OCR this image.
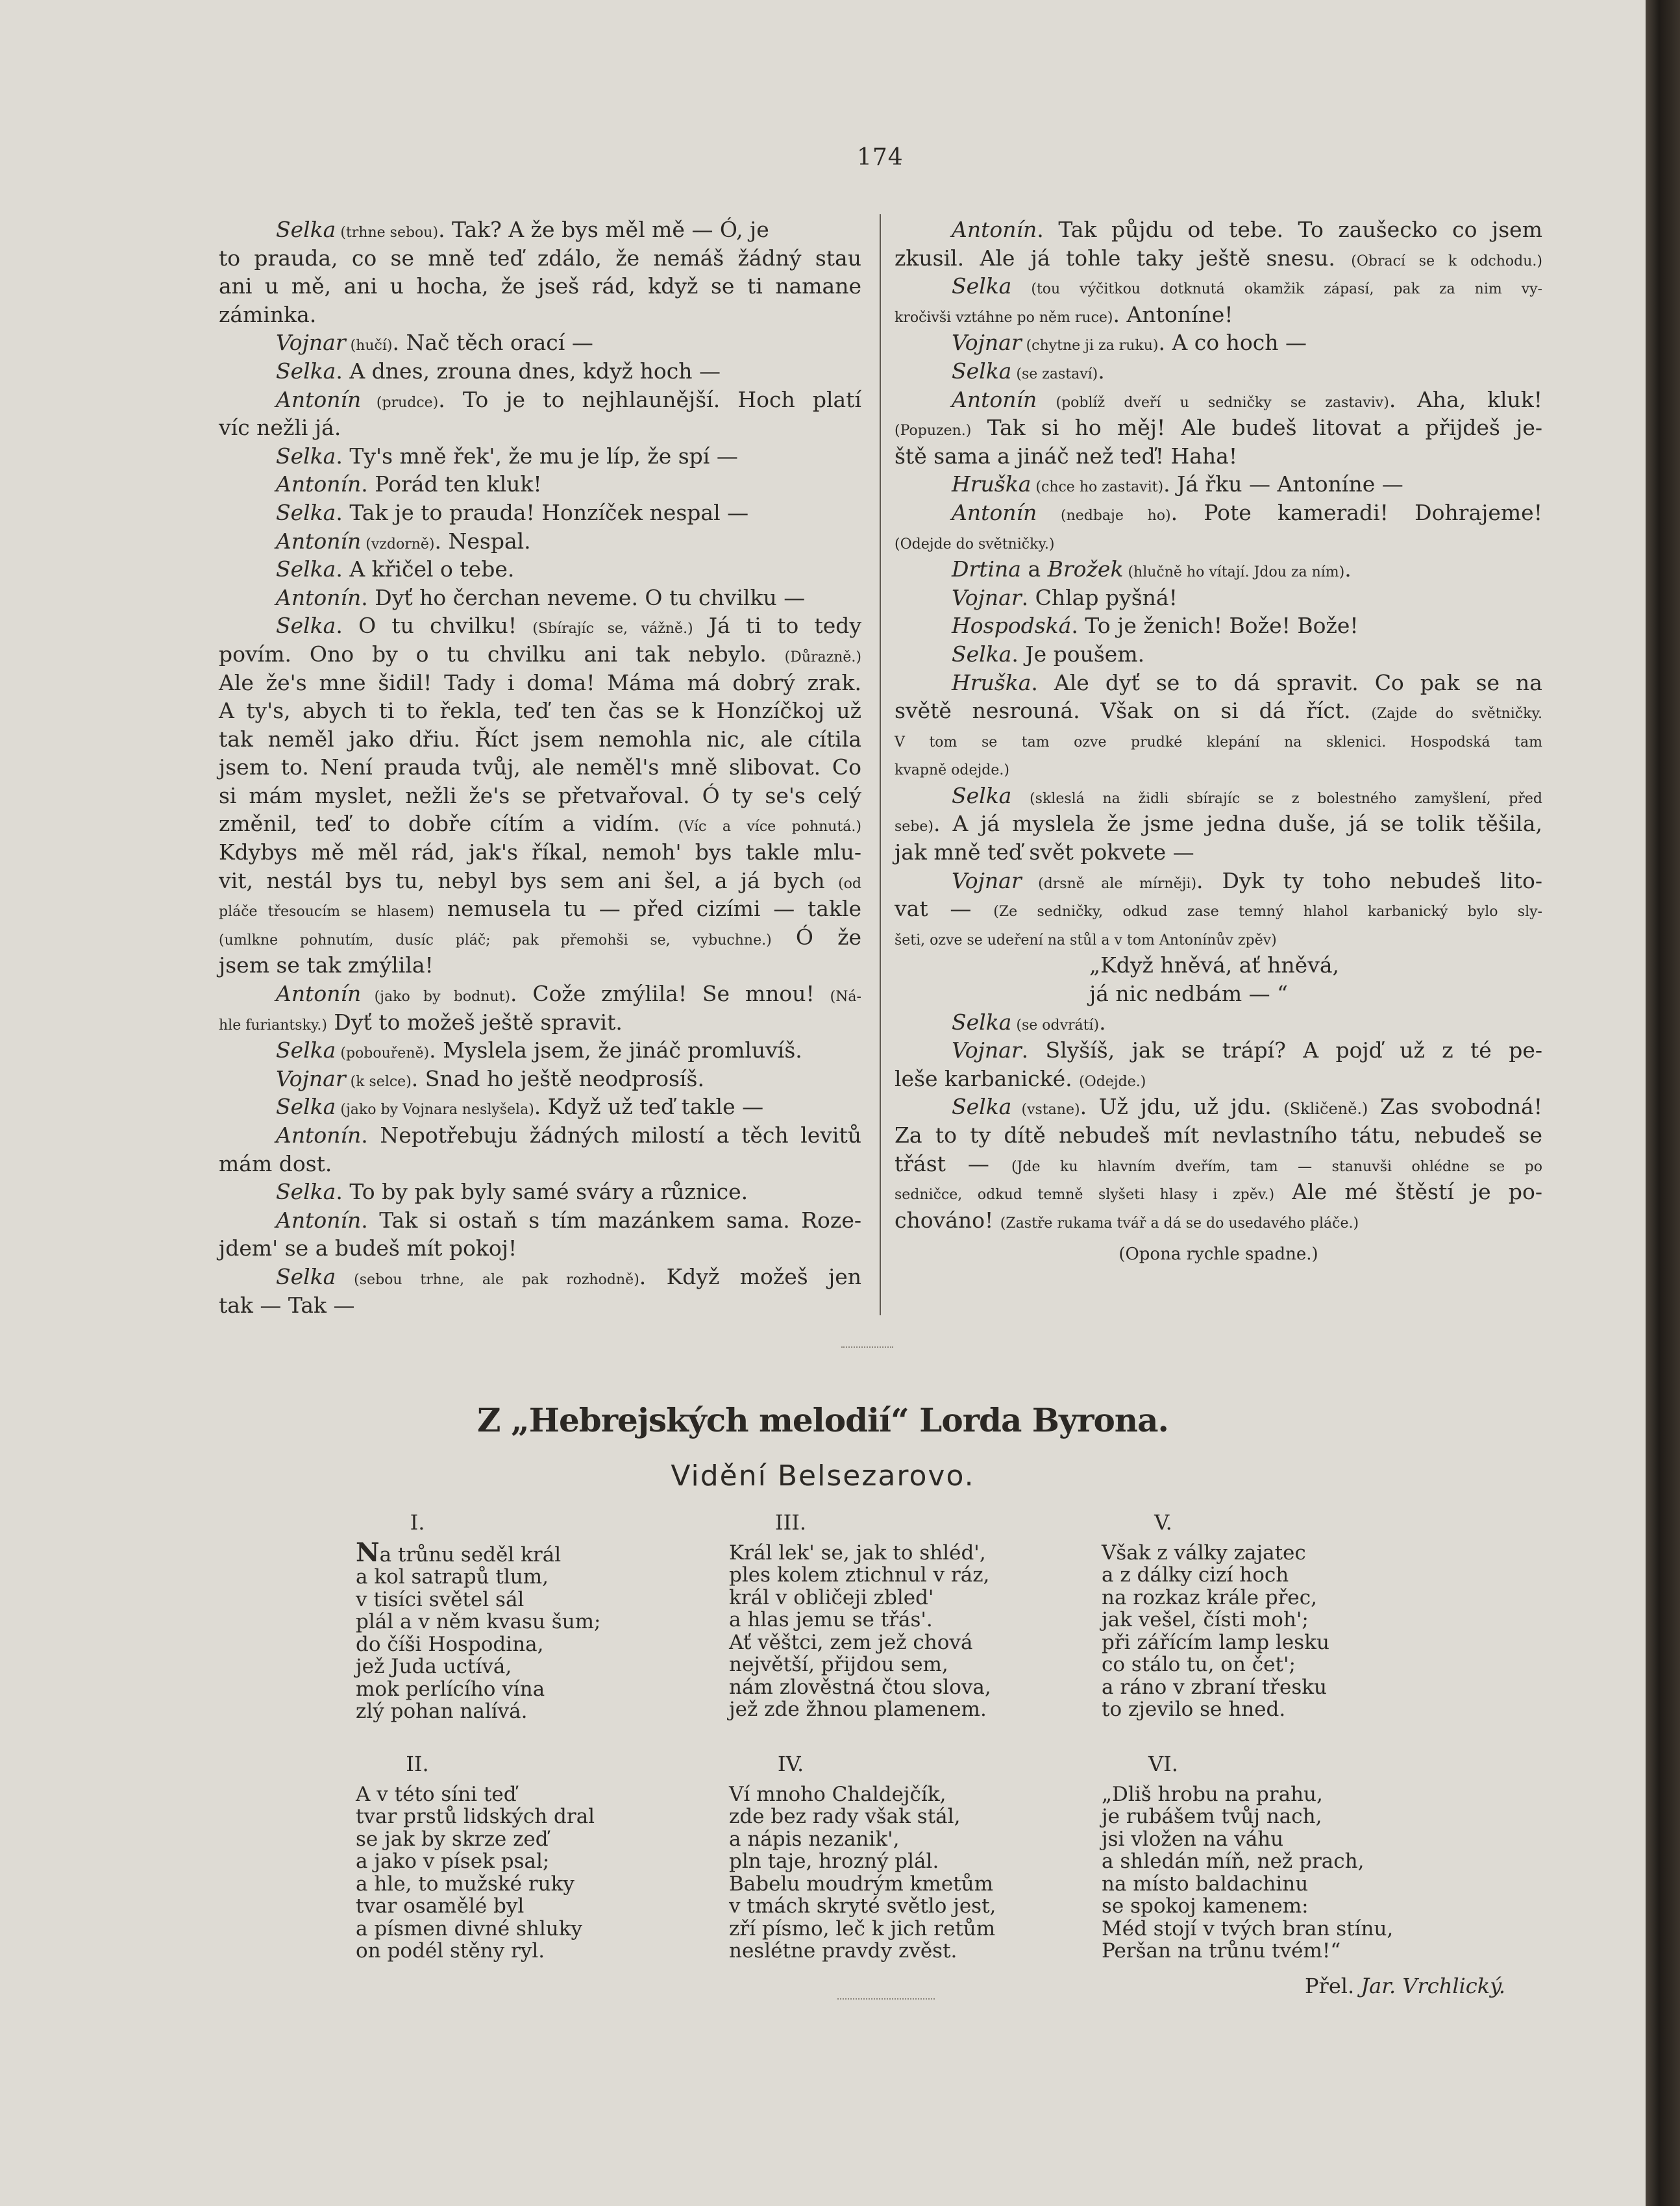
174
Selka (trhne sebou). Tak? A že bys měl mě — Ó, je
to prauda, co se mně teď zdálo, že nemáš žádný stau
ani u mě, ani u hocha, že jseš rád, když se ti namane
záminka.
Vojnar (hučí). Nač těch orací —
Selka. A dnes, zrouna dnes, když hoch —
Antonín (prudce). To je to nejhlaunější. Hoch platí
víc nežli já.
Selka. Ty's mně řek', že mu je líp, že spí —
Antonín. Porád ten kluk!
Selka. Tak je to prauda! Honzíček nespal —
Antonín (vzdorně). Nespal.
Selka. A křičel o tebe.
Antonín. Dyť ho čerchan neveme. O tu chvilku —
Selka. O tu chvilku! (Sbírajíc se, vážně.) Já ti to tedy
povím. Ono by o tu chvilku ani tak nebylo. (Důrazně.)
Ale že's mne šidil! Tady i doma! Máma má dobrý zrak.
A ty's, abych ti to řekla, teď ten čas se k Honzíčkoj už
tak neměl jako dřiu. Říct jsem nemohla nic, ale cítila
jsem to. Není prauda tvůj, ale neměl's mně slibovat. Co
si mám myslet, nežli že's se přetvařoval. Ó ty se's celý
změnil, teď to dobře cítím a vidím. (Víc a více pohnutá.)
Kdybys mě měl rád, jak's říkal, nemoh' bys takle mlu-
vit, nestál bys tu, nebyl bys sem ani šel, a já bych (od
pláče třesoucím se hlasem) nemusela tu — před cizími — takle
(umlkne pohnutím, dusíc pláč; pak přemohši se, vybuchne.) Ó že
jsem se tak zmýlila!
Antonín (jako by bodnut). Cože zmýlila! Se mnou! (Ná-
hle furiantsky.) Dyť to možeš ještě spravit.
Selka (pobouřeně). Myslela jsem, že jináč promluvíš.
Vojnar (k selce). Snad ho ještě neodprosíš.
Selka (jako by Vojnara neslyšela). Když už teď takle —
Antonín. Nepotřebuju žádných milostí a těch levitů
mám dost.
Selka. To by pak byly samé sváry a různice.
Antonín. Tak si ostaň s tím mazánkem sama. Roze-
jdem' se a budeš mít pokoj!
Selka (sebou trhne, ale pak rozhodně). Když možeš jen
tak — Tak —
Antonín. Tak půjdu od tebe. To zaušecko co jsem
zkusil. Ale já tohle taky ještě snesu. (Obrací se k odchodu.)
Selka (tou výčitkou dotknutá okamžik zápasí, pak za nim vy-
kročivši vztáhne po něm ruce). Antoníne!
Vojnar (chytne ji za ruku). A co hoch —
Selka (se zastaví).
Antonín (poblíž dveří u sedničky se zastaviv). Aha, kluk!
(Popuzen.) Tak si ho měj! Ale budeš litovat a přijdeš je-
ště sama a jináč než teď! Haha!
Hruška (chce ho zastavit). Já řku — Antoníne —
Antonín (nedbaje ho). Pote kameradi! Dohrajeme!
(Odejde do světničky.)
Drtina a Brožek (hlučně ho vítají. Jdou za ním).
Vojnar. Chlap pyšná!
Hospodská. To je ženich! Bože! Bože!
Selka. Je poušem.
Hruška. Ale dyť se to dá spravit. Co pak se na
světě nesrouná. Však on si dá říct. (Zajde do světničky.
V tom se tam ozve prudké klepání na sklenici. Hospodská tam
kvapně odejde.)
Selka (skleslá na židli sbírajíc se z bolestného zamyšlení, před
sebe). A já myslela že jsme jedna duše, já se tolik těšila,
jak mně teď svět pokvete —
Vojnar (drsně ale mírněji). Dyk ty toho nebudeš lito-
vat — (Ze sedničky, odkud zase temný hlahol karbanický bylo sly-
šeti, ozve se udeření na stůl a v tom Antonínův zpěv)
„Když hněvá, ať hněvá,
já nic nedbám — “
Selka (se odvrátí).
Vojnar. Slyšíš, jak se trápí? A pojď už z té pe-
leše karbanické. (Odejde.)
Selka (vstane). Už jdu, už jdu. (Skličeně.) Zas svobodná!
Za to ty dítě nebudeš mít nevlastního tátu, nebudeš se
třást — (Jde ku hlavním dveřím, tam — stanuvši ohlédne se po
sedničce, odkud temně slyšeti hlasy i zpěv.) Ale mé štěstí je po-
chováno! (Zastře rukama tvář a dá se do usedavého pláče.)
(Opona rychle spadne.)
Z „Hebrejských melodií“ Lorda Byrona.
Vidění Belsezarovo.
I.
Na trůnu seděl král
a kol satrapů tlum,
v tisíci světel sál
plál a v něm kvasu šum;
do číši Hospodina,
jež Juda uctívá,
mok perlícího vína
zlý pohan nalívá.
II.
A v této síni teď
tvar prstů lidských dral
se jak by skrze zeď
a jako v písek psal;
a hle, to mužské ruky
tvar osamělé byl
a písmen divné shluky
on podél stěny ryl.
III.
Král lek' se, jak to shléd',
ples kolem ztichnul v ráz,
král v obličeji zbled'
a hlas jemu se třás'.
Ať věštci, zem jež chová
největší, přijdou sem,
nám zlověstná čtou slova,
jež zde žhnou plamenem.
IV.
Ví mnoho Chaldejčík,
zde bez rady však stál,
a nápis nezanik',
pln taje, hrozný plál.
Babelu moudrým kmetům
v tmách skryté světlo jest,
zří písmo, leč k jich retům
neslétne pravdy zvěst.
V.
Však z války zajatec
a z dálky cizí hoch
na rozkaz krále přec,
jak vešel, čísti moh';
při zářícím lamp lesku
co stálo tu, on čet';
a ráno v zbraní třesku
to zjevilo se hned.
VI.
„Dliš hrobu na prahu,
je rubášem tvůj nach,
jsi vložen na váhu
a shledán míň, než prach,
na místo baldachinu
se spokoj kamenem:
Méd stojí v tvých bran stínu,
Peršan na trůnu tvém!“
Přel. Jar. Vrchlický.
